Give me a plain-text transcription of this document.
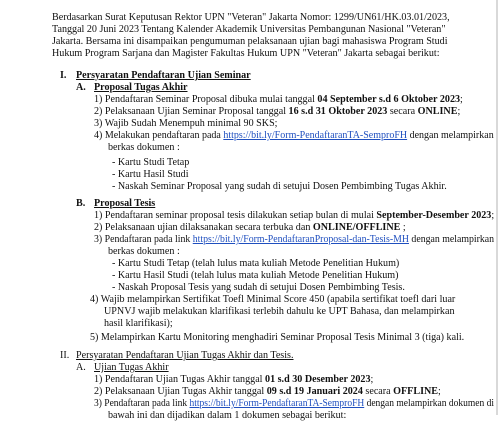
Berdasarkan Surat Keputusan Rektor UPN "Veteran" Jakarta Nomor: 1299/UN61/HK.03.01/2023,
Tanggal 20 Juni 2023 Tentang Kalender Akademik Universitas Pembangunan Nasional "Veteran"
Jakarta. Bersama ini disampaikan pengumuman pelaksanaan ujian bagi mahasiswa Program Studi
Hukum Program Sarjana dan Magister Fakultas Hukum UPN "Veteran" Jakarta sebagai berikut:
I. Persyaratan Pendaftaran Ujian Seminar
A. Proposal Tugas Akhir
1) Pendaftaran Seminar Proposal dibuka mulai tanggal 04 September s.d 6 Oktober 2023;
2) Pelaksanaan Ujian Seminar Proposal tanggal 16 s.d 31 Oktober 2023 secara ONLINE;
3) Wajib Sudah Menempuh minimal 90 SKS;
4) Melakukan pendaftaran pada https://bit.ly/Form-PendaftaranTA-SemproFH dengan melampirkan
berkas dokumen :
- Kartu Studi Tetap
- Kartu Hasil Studi
- Naskah Seminar Proposal yang sudah di setujui Dosen Pembimbing Tugas Akhir.
B. Proposal Tesis
1) Pendaftaran seminar proposal tesis dilakukan setiap bulan di mulai September-Desember 2023;
2) Pelaksanaan ujian dilaksanakan secara terbuka dan ONLINE/OFFLINE ;
3) Pendaftaran pada link https://bit.ly/Form-PendaftaranProposal-dan-Tesis-MH dengan melampirkan
berkas dokumen :
- Kartu Studi Tetap (telah lulus mata kuliah Metode Penelitian Hukum)
- Kartu Hasil Studi (telah lulus mata kuliah Metode Penelitian Hukum)
- Naskah Proposal Tesis yang sudah di setujui Dosen Pembimbing Tesis.
4) Wajib melampirkan Sertifikat Toefl Minimal Score 450 (apabila sertifikat toefl dari luar
UPNVJ wajib melakukan klarifikasi terlebih dahulu ke UPT Bahasa, dan melampirkan
hasil klarifikasi);
5) Melampirkan Kartu Monitoring menghadiri Seminar Proposal Tesis Minimal 3 (tiga) kali.
II. Persyaratan Pendaftaran Ujian Tugas Akhir dan Tesis.
A. Ujian Tugas Akhir
1) Pendaftaran Ujian Tugas Akhir tanggal 01 s.d 30 Desember 2023;
2) Pelaksanaan Ujian Tugas Akhir tanggal 09 s.d 19 Januari 2024 secara OFFLINE;
3) Pendaftaran pada link https://bit.ly/Form-PendaftaranTA-SemproFH dengan melampirkan dokumen di
bawah ini dan dijadikan dalam 1 dokumen sebagai berikut:
